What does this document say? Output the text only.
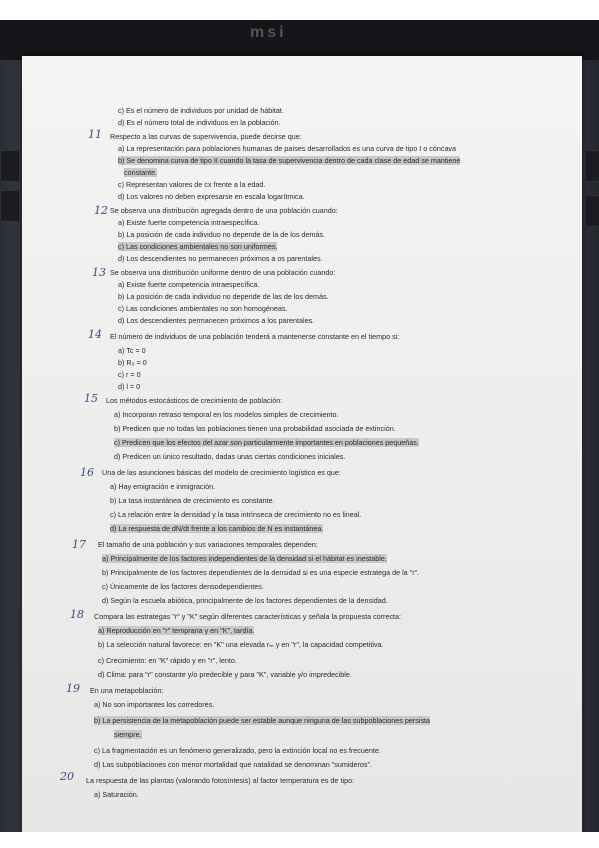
msi
c) Es el número de individuos por unidad de hábitat.
d) Es el número total de individuos en la población.
Respecto a las curvas de supervivencia, puede decirse que:
a) La representación para poblaciones humanas de países desarrollados es una curva de tipo I o cóncava
b) Se denomina curva de tipo II cuando la tasa de supervivencia dentro de cada clase de edad se mantiene
constante.
c) Representan valores de cx frente a la edad.
d) Los valores no deben expresarse en escala logarítmica.
Se observa una distribución agregada dentro de una población cuando:
a) Existe fuerte competencia intraespecífica.
b) La posición de cada individuo no depende de la de los demás.
c) Las condiciones ambientales no son uniformes.
d) Los descendientes no permanecen próximos a os parentales.
Se observa una distribución uniforme dentro de una población cuando:
a) Existe fuerte competencia intraespecífica.
b) La posición de cada individuo no depende de las de los demás.
c) Las condiciones ambientales no son homogéneas.
d) Los descendientes permanecen próximos a los parentales.
El número de individuos de una población tenderá a mantenerse constante en el tiempo si:
a) Tc = 0
b) R₀ = 0
c) r = 0
d) l = 0
Los métodos estocásticos de crecimiento de población:
a) Incorporan retraso temporal en los modelos simples de crecimiento.
b) Predicen que no todas las poblaciones tienen una probabilidad asociada de extinción.
c) Predicen que los efectos del azar son particularmente importantes en poblaciones pequeñas.
d) Predicen un único resultado, dadas unas ciertas condiciones iniciales.
Una de las asunciones básicas del modelo de crecimiento logístico es que:
a) Hay emigración e inmigración.
b) La tasa instantánea de crecimiento es constante.
c) La relación entre la densidad y la tasa intrínseca de crecimiento no es lineal.
d) La respuesta de dN/dt frente a los cambios de N es instantánea.
El tamaño de una población y sus variaciones temporales dependen:
a) Principalmente de los factores independientes de la densidad si el hábitat es inestable.
b) Principalmente de los factores dependientes de la densidad si es una especie estratega de la "r".
c) Únicamente de los factores densodependientes.
d) Según la escuela abiótica, principalmente de los factores dependientes de la densidad.
Compara las estrategas "r" y "K" según diferentes características y señala la propuesta correcta:
a) Reproducción en "r" temprana y en "K", tardía.
b) La selección natural favorece: en "K" una elevada rₘ y en "r", la capacidad competitiva.
c) Crecimiento: en "K" rápido y en "r", lento.
d) Clima: para "r" constante y/o predecible y para "K", variable y/o impredecible.
En una metapoblación:
a) No son importantes los corredores.
b) La persistencia de la metapoblación puede ser estable aunque ninguna de las subpoblaciones persista
siempre.
c) La fragmentación es un fenómeno generalizado, pero la extinción local no es frecuente.
d) Las subpoblaciones con menor mortalidad que natalidad se denominan "sumideros".
La respuesta de las plantas (valorando fotosíntesis) al factor temperatura es de tipo:
a) Saturación.
11
12
13
14
15
16
17
18
19
20
